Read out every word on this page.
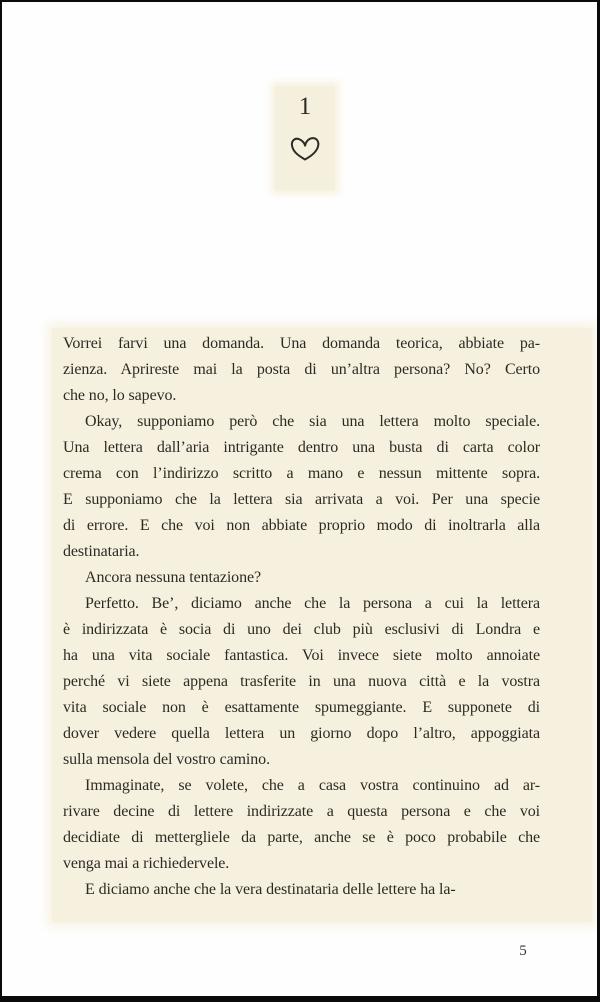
1
Vorrei farvi una domanda. Una domanda teorica, abbiate pa-
zienza. Aprireste mai la posta di un’altra persona? No? Certo
che no, lo sapevo.
Okay, supponiamo però che sia una lettera molto speciale.
Una lettera dall’aria intrigante dentro una busta di carta color
crema con l’indirizzo scritto a mano e nessun mittente sopra.
E supponiamo che la lettera sia arrivata a voi. Per una specie
di errore. E che voi non abbiate proprio modo di inoltrarla alla
destinataria.
Ancora nessuna tentazione?
Perfetto. Be’, diciamo anche che la persona a cui la lettera
è indirizzata è socia di uno dei club più esclusivi di Londra e
ha una vita sociale fantastica. Voi invece siete molto annoiate
perché vi siete appena trasferite in una nuova città e la vostra
vita sociale non è esattamente spumeggiante. E supponete di
dover vedere quella lettera un giorno dopo l’altro, appoggiata
sulla mensola del vostro camino.
Immaginate, se volete, che a casa vostra continuino ad ar-
rivare decine di lettere indirizzate a questa persona e che voi
decidiate di mettergliele da parte, anche se è poco probabile che
venga mai a richiedervele.
E diciamo anche che la vera destinataria delle lettere ha la-
5
